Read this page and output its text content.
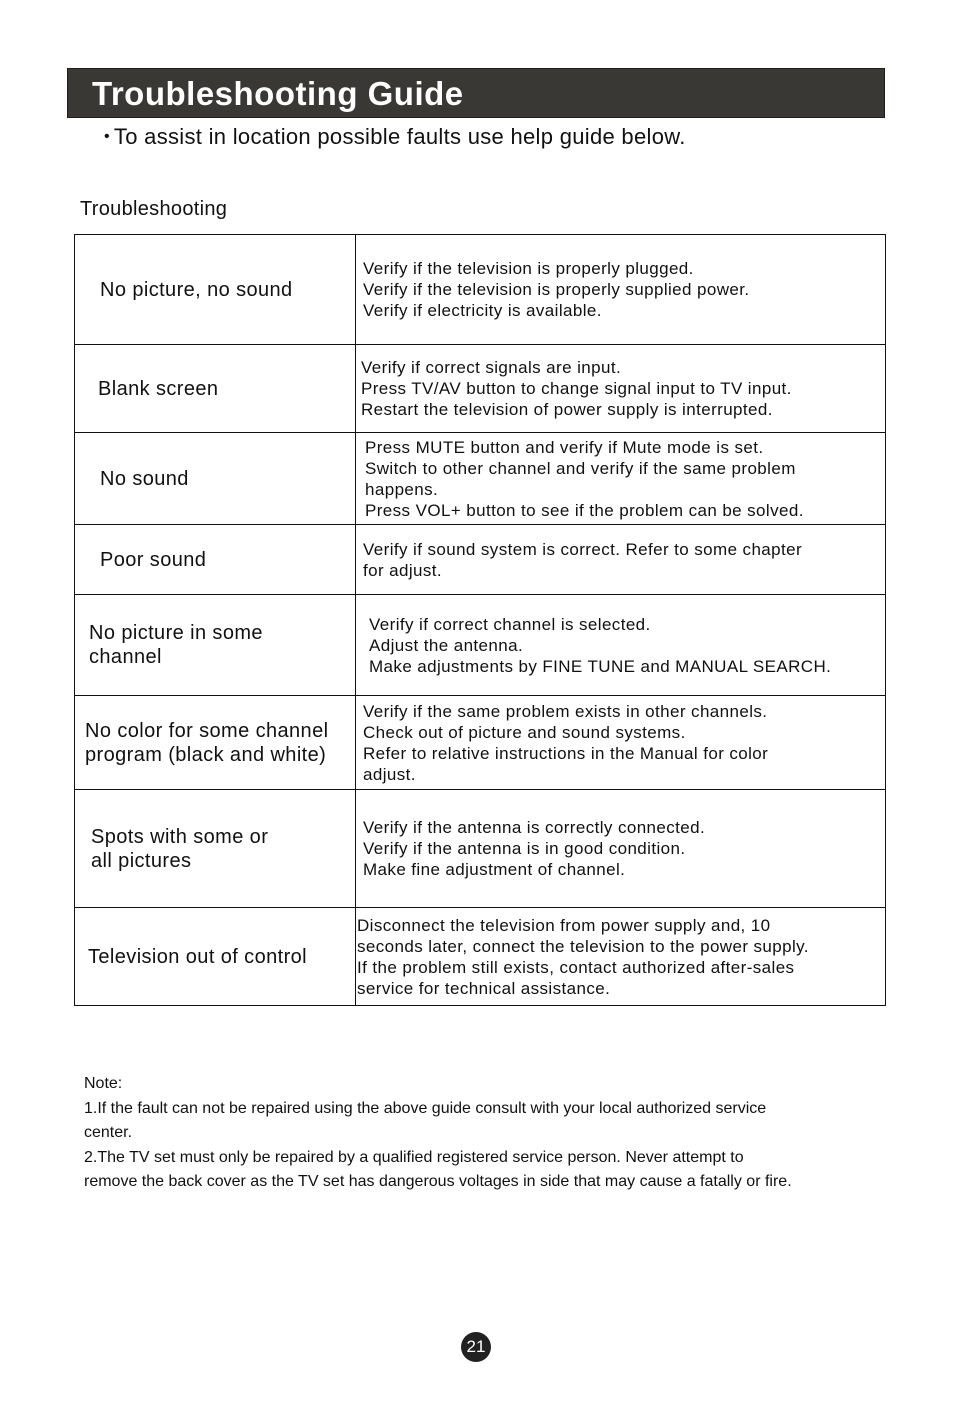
Troubleshooting Guide
• To assist in location possible faults use help guide below.
Troubleshooting
No picture, no sound
Verify if the television is properly plugged.
Verify if the television is properly supplied power.
Verify if electricity is available.
Blank screen
Verify if correct signals are input.
Press TV/AV button to change signal input to TV input.
Restart the television of power supply is interrupted.
No sound
Press MUTE button and verify if Mute mode is set.
Switch to other channel and verify if the same problem
happens.
Press VOL+ button to see if the problem can be solved.
Poor sound	Verify if sound system is correct. Refer to some chapter
for adjust.
No picture in some
channel
Verify if correct channel is selected.
Adjust the antenna.
Make adjustments by FINE TUNE and MANUAL SEARCH.
No color for some channel
program (black and white)
Verify if the same problem exists in other channels.
Check out of picture and sound systems.
Refer to relative instructions in the Manual for color
adjust.
Spots with some or
all pictures
Verify if the antenna is correctly connected.
Verify if the antenna is in good condition.
Make fine adjustment of channel.
Television out of control
Disconnect the television from power supply and, 10
seconds later, connect the television to the power supply.
If the problem still exists, contact authorized after-sales
service for technical assistance.
Note:
1.If the fault can not be repaired using the above guide consult with your local authorized service
center.
2.The TV set must only be repaired by a qualified registered service person. Never attempt to
remove the back cover as the TV set has dangerous voltages in side that may cause a fatally or fire.
21
